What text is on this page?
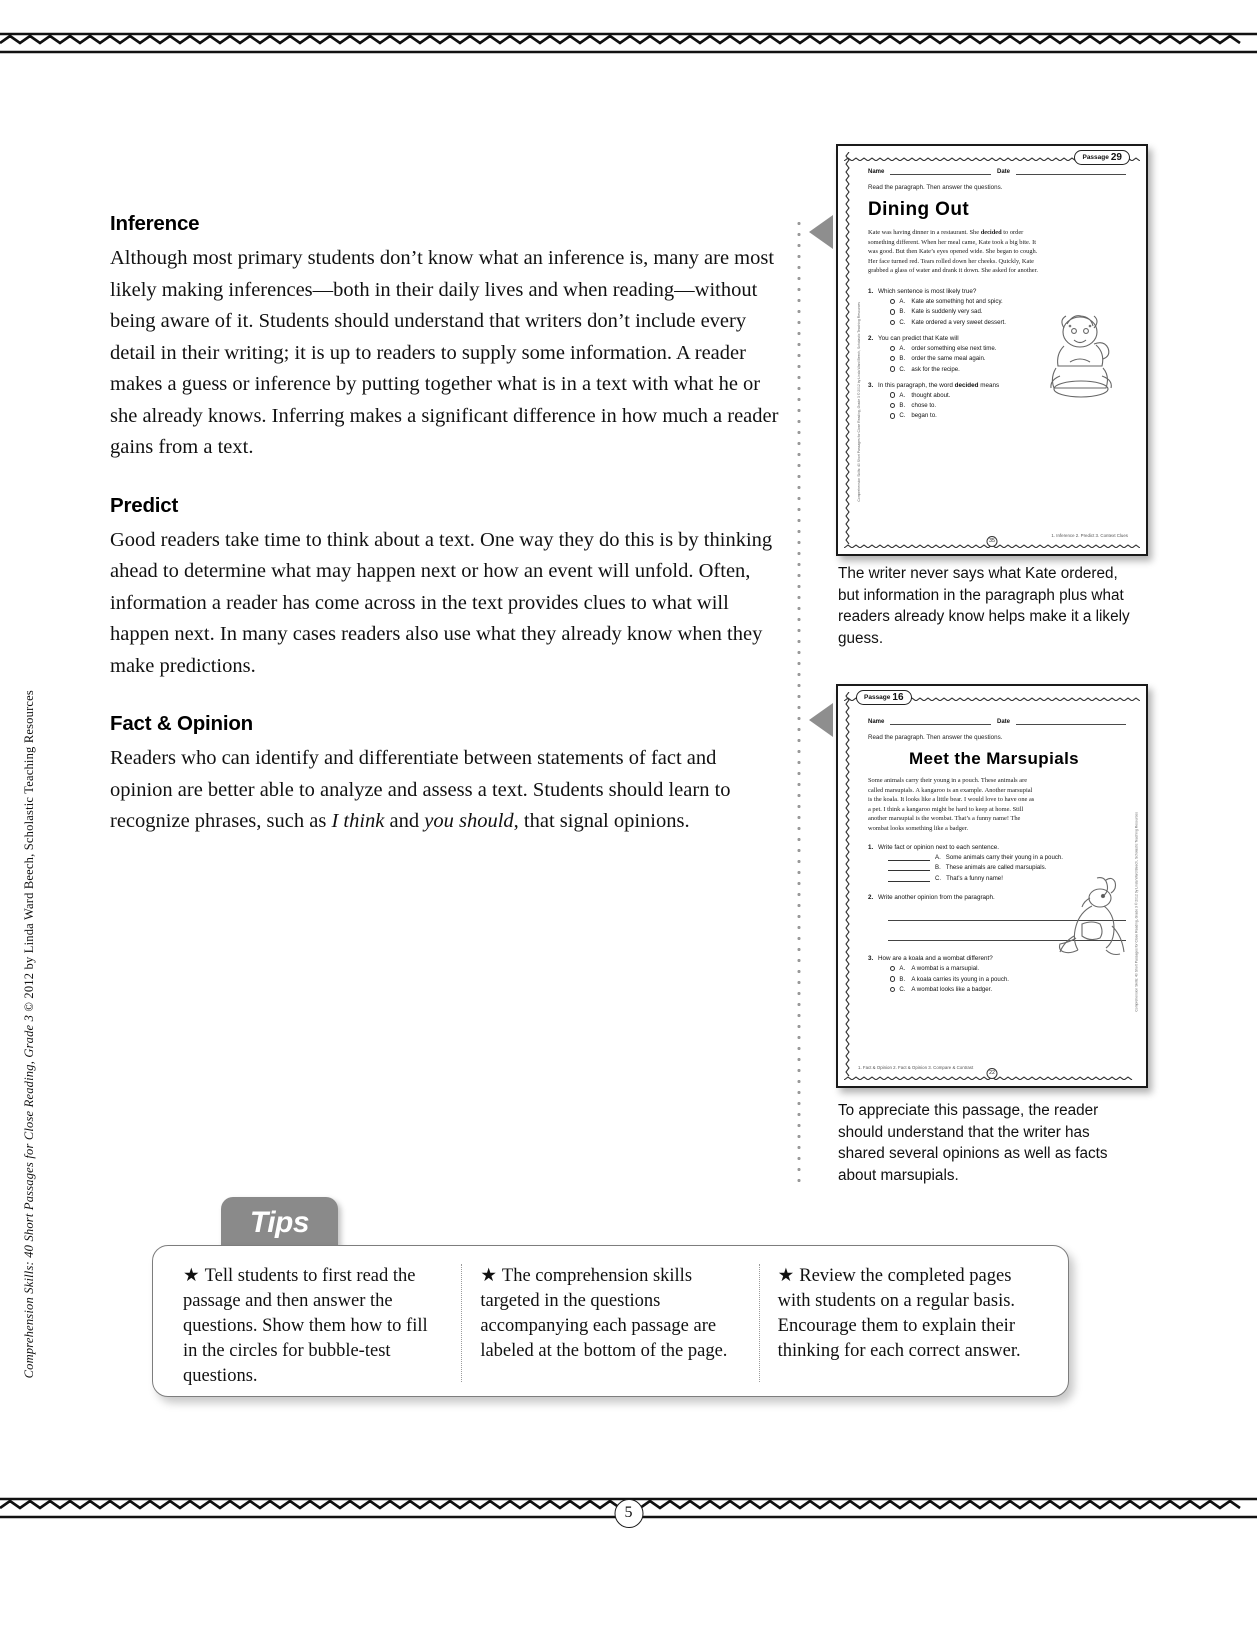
Comprehension Skills: 40 Short Passages for Close Reading, Grade 3 © 2012 by Linda Ward Beech, Scholastic Teaching Resources
Inference

Although most primary students don’t know what an inference is, many are most likely making inferences—both in their daily lives and when reading—without being aware of it. Students should understand that writers don’t include every detail in their writing; it is up to readers to supply some information. A reader makes a guess or inference by putting together what is in a text with what he or she already knows. Inferring makes a significant difference in how much a reader gains from a text.

Predict

Good readers take time to think about a text. One way they do this is by thinking ahead to determine what may happen next or how an event will unfold. Often, information a reader has come across in the text provides clues to what will happen next. In many cases readers also use what they already know when they make predictions.

Fact & Opinion

Readers who can identify and differentiate between statements of fact and opinion are better able to analyze and assess a text. Students should learn to recognize phrases, such as I think and you should, that signal opinions.

Passage 29
Comprehension Skills: 40 Short Passages for Close Reading, Grade 3 © 2012 by Linda Ward Beech, Scholastic Teaching Resources
Name	Date
Read the paragraph. Then answer the questions.
Dining Out
Kate was having dinner in a restaurant. She decided to order something different. When her meal came, Kate took a big bite. It was good. But then Kate’s eyes opened wide. She began to cough. Her face turned red. Tears rolled down her cheeks. Quickly, Kate grabbed a glass of water and drank it down. She asked for another.
1. Which sentence is most likely true?
A.	Kate ate something hot and spicy.
B.	Kate is suddenly very sad.
C. Kate ordered a very sweet dessert.
2. You can predict that Kate will
A.	order something else next time.
B.	order the same meal again.
C. ask for the recipe.
3. In this paragraph, the word decided means
A.	thought about.
B.	chose to.
C. began to.
1. Inference 2. Predict 3. Context Clues
35
The writer never says what Kate ordered, but information in the paragraph plus what readers already know helps make it a likely guess.
Passage 16
Comprehension Skills: 40 Short Passages for Close Reading, Grade 3 © 2012 by Linda Ward Beech, Scholastic Teaching Resources
Name	Date
Read the paragraph. Then answer the questions.
Meet the Marsupials
Some animals carry their young in a pouch. These animals are called marsupials. A kangaroo is an example. Another marsupial is the koala. It looks like a little bear. I would love to have one as a pet. I think a kangaroo might be hard to keep at home. Still another marsupial is the wombat. That’s a funny name! The wombat looks something like a badger.
1. Write fact or opinion next to each sentence.
A. Some animals carry their young in a pouch.
B. These animals are called marsupials.
C. That’s a funny name!
2. Write another opinion from the paragraph.
3. How are a koala and a wombat different?
A.	A wombat is a marsupial.
B.	A koala carries its young in a pouch.
C. A wombat looks like a badger.
1. Fact & Opinion 2. Fact & Opinion 3. Compare & Contrast
22
To appreciate this passage, the reader should understand that the writer has shared several opinions as well as facts about marsupials.
Tips
★ Tell students to first read the passage and then answer the questions. Show them how to fill in the circles for bubble-test questions.
★ The comprehension skills targeted in the questions accompanying each passage are labeled at the bottom of the page.
★ Review the completed pages with students on a regular basis. Encourage them to explain their thinking for each correct answer.
5
